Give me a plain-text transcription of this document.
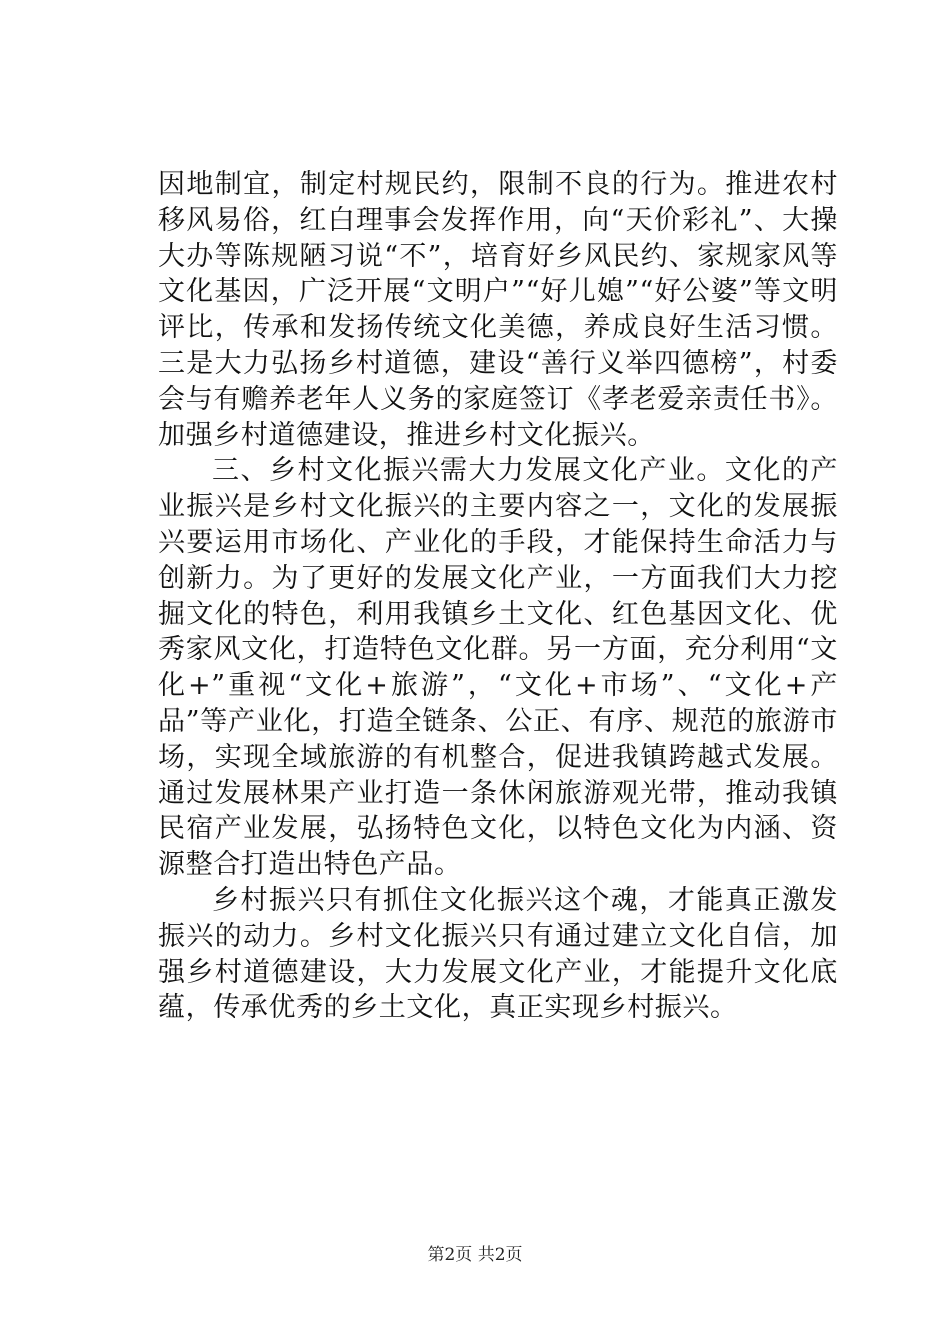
因地制宜，制定村规民约，限制不良的行为。推进农村移风易俗，红白理事会发挥作用，向“天价彩礼”、大操大办等陈规陋习说“不”，培育好乡风民约、家规家风等文化基因，广泛开展“文明户”“好儿媳”“好公婆”等文明评比，传承和发扬传统文化美德，养成良好生活习惯。三是大力弘扬乡村道德，建设“善行义举四德榜”，村委会与有赡养老年人义务的家庭签订《孝老爱亲责任书》。加强乡村道德建设，推进乡村文化振兴。

三、乡村文化振兴需大力发展文化产业。文化的产业振兴是乡村文化振兴的主要内容之一，文化的发展振兴要运用市场化、产业化的手段，才能保持生命活力与创新力。为了更好的发展文化产业，一方面我们大力挖掘文化的特色，利用我镇乡土文化、红色基因文化、优秀家风文化，打造特色文化群。另一方面，充分利用“文化+”重视“文化+旅游”，“文化+市场”、“文化+产品”等产业化，打造全链条、公正、有序、规范的旅游市场，实现全域旅游的有机整合，促进我镇跨越式发展。通过发展林果产业打造一条休闲旅游观光带，推动我镇民宿产业发展，弘扬特色文化，以特色文化为内涵、资源整合打造出特色产品。

乡村振兴只有抓住文化振兴这个魂，才能真正激发振兴的动力。乡村文化振兴只有通过建立文化自信，加强乡村道德建设，大力发展文化产业，才能提升文化底蕴，传承优秀的乡土文化，真正实现乡村振兴。

第2页 共2页
